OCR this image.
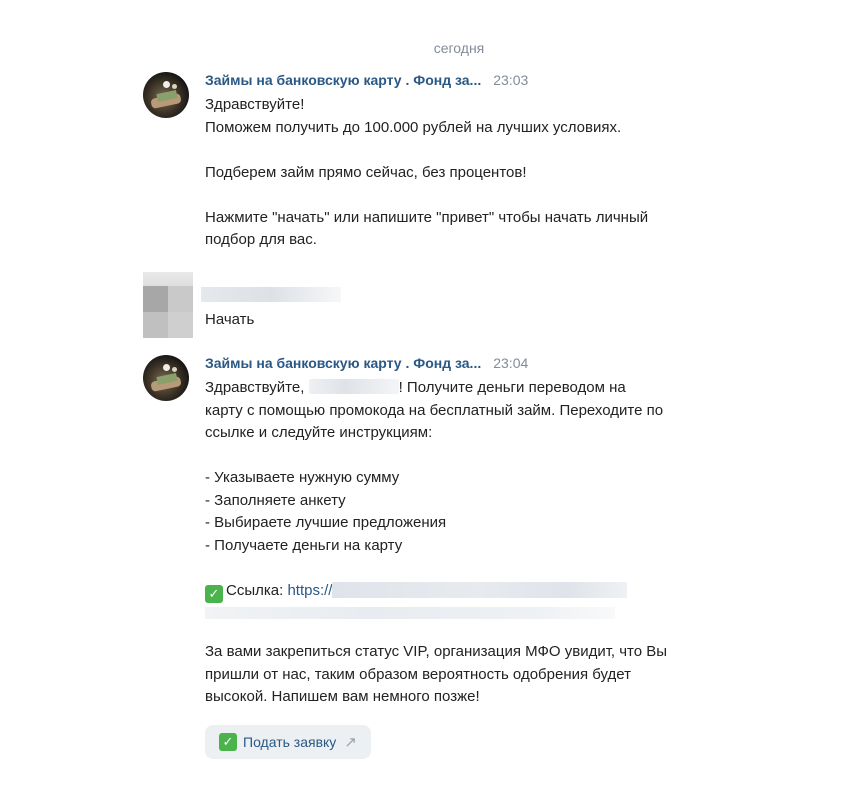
сегодня
Займы на банковскую карту . Фонд за... 23:03
Здравствуйте!
Поможем получить до 100.000 рублей на лучших условиях.
Подберем займ прямо сейчас, без процентов!
Нажмите "начать" или напишите "привет" чтобы начать личный
подбор для вас.
Начать
Займы на банковскую карту . Фонд за... 23:04
Здравствуйте,	! Получите деньги переводом на
карту с помощью промокода на бесплатный займ. Переходите по
ссылке и следуйте инструкциям:
- Указываете нужную сумму
- Заполняете анкету
- Выбираете лучшие предложения
- Получаете деньги на карту
✓ Ссылка: https://
За вами закрепиться статус VIP, организация МФО увидит, что Вы
пришли от нас, таким образом вероятность одобрения будет
высокой. Напишем вам немного позже!
✓ Подать заявку ↗
